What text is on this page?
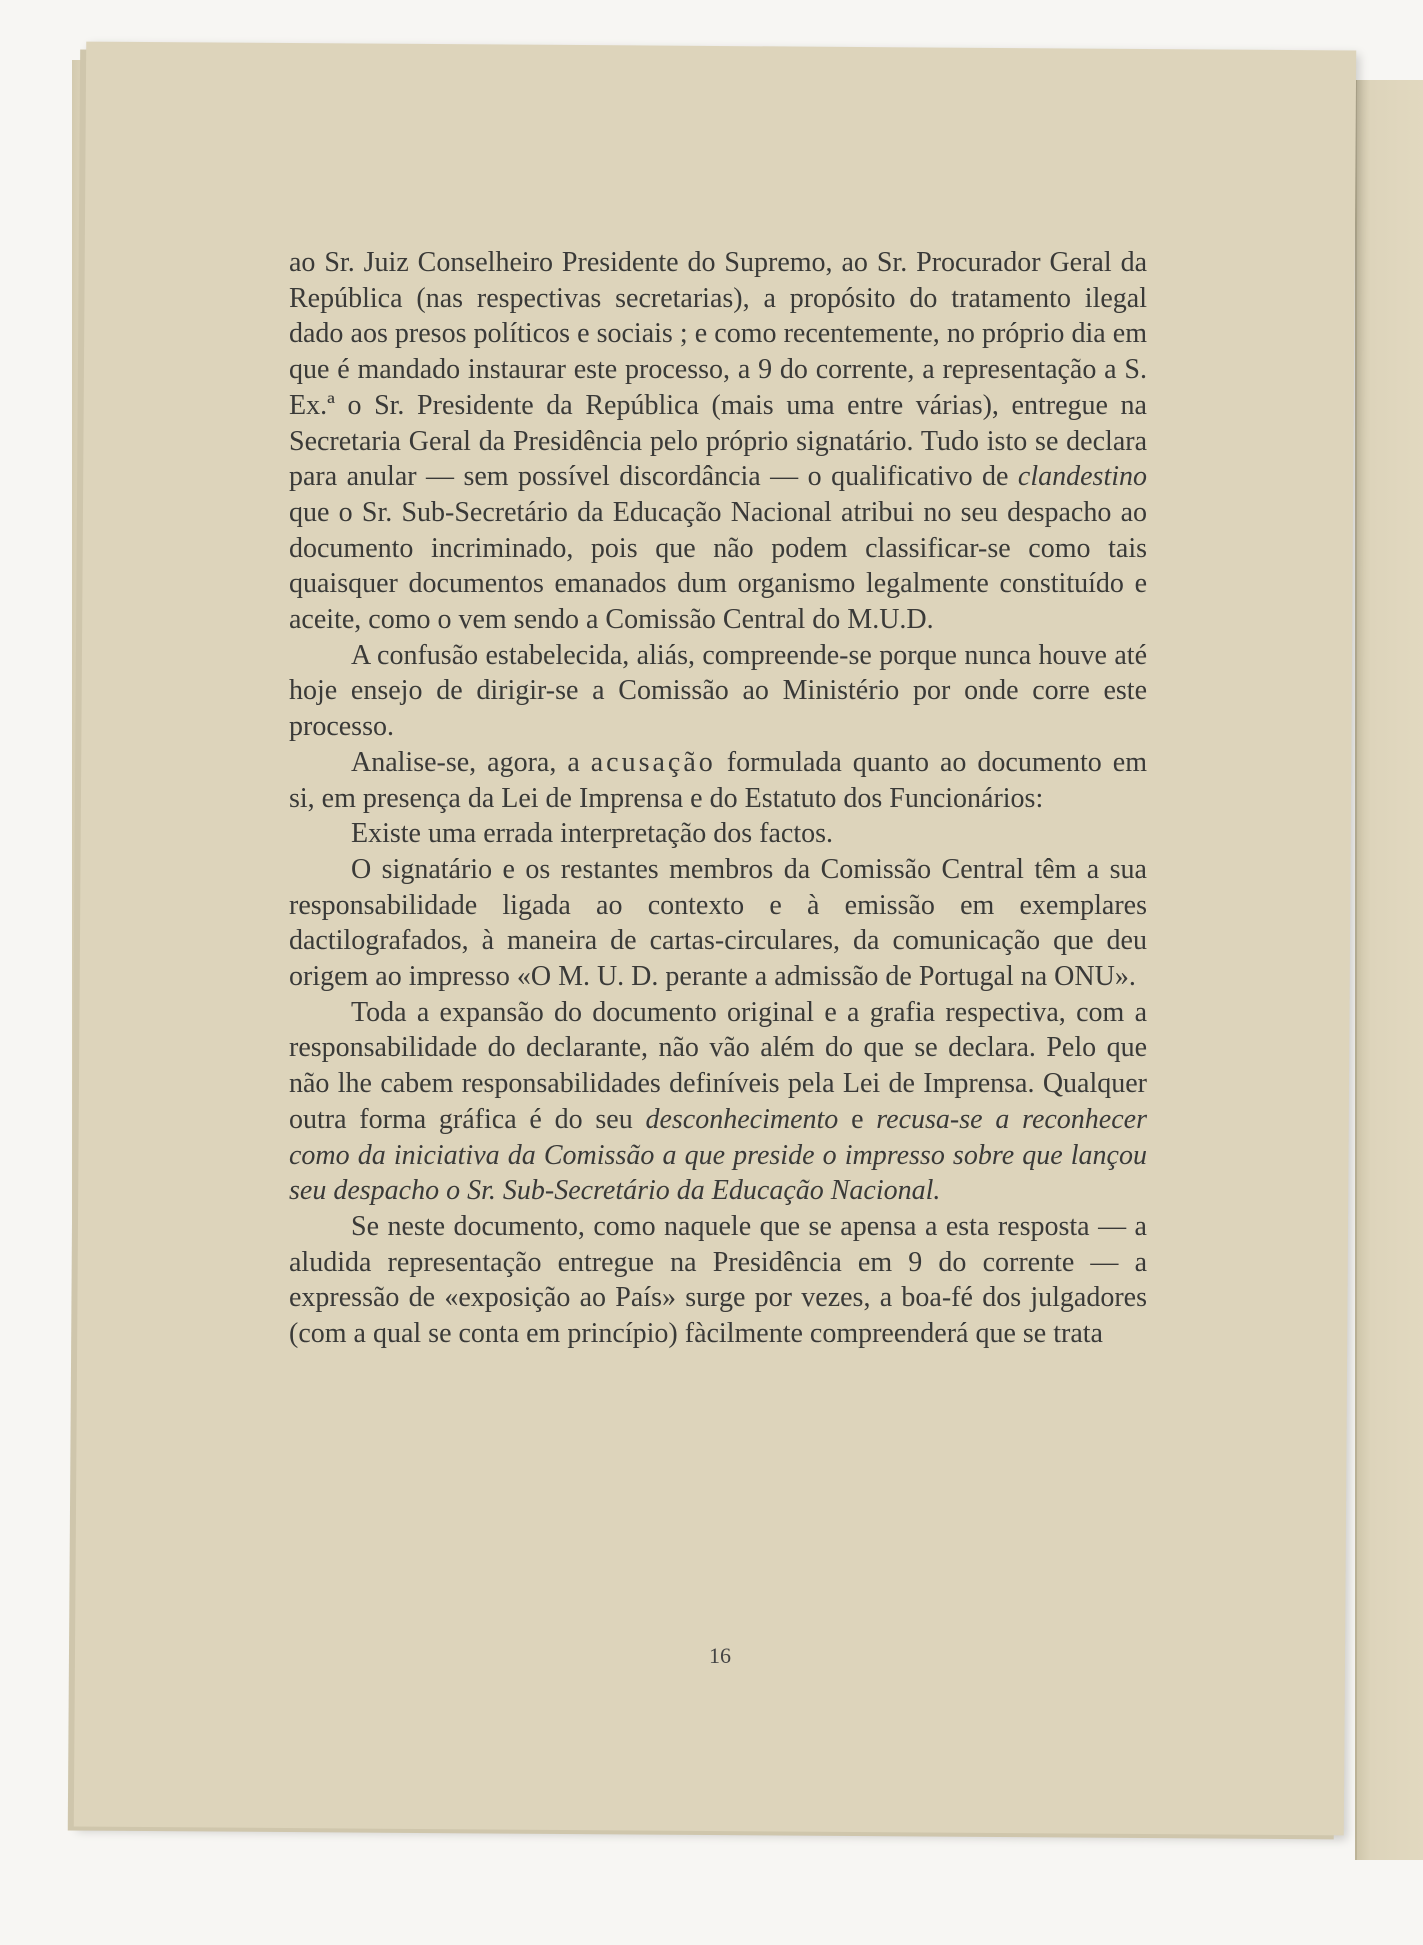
ao Sr. Juiz Conselheiro Presidente do Supremo, ao Sr. Procurador Geral da República (nas respectivas secretarias), a propósito do tratamento ilegal dado aos presos políticos e sociais ; e como recentemente, no próprio dia em que é mandado instaurar este processo, a 9 do corrente, a representação a S. Ex.ª o Sr. Presidente da República (mais uma entre várias), entregue na Secretaria Geral da Presidência pelo próprio signatário. Tudo isto se declara para anular — sem possível discordância — o qualificativo de clandestino que o Sr. Sub-Secretário da Educação Nacional atribui no seu despacho ao documento incriminado, pois que não podem classificar-se como tais quaisquer documentos emanados dum organismo legalmente constituído e aceite, como o vem sendo a Comissão Central do M.U.D.

A confusão estabelecida, aliás, compreende-se porque nunca houve até hoje ensejo de dirigir-se a Comissão ao Ministério por onde corre este processo.

Analise-se, agora, a acusação formulada quanto ao documento em si, em presença da Lei de Imprensa e do Estatuto dos Funcionários:

Existe uma errada interpretação dos factos.

O signatário e os restantes membros da Comissão Central têm a sua responsabilidade ligada ao contexto e à emissão em exemplares dactilografados, à maneira de cartas-circulares, da comunicação que deu origem ao impresso «O M. U. D. perante a admissão de Portugal na ONU».

Toda a expansão do documento original e a grafia respectiva, com a responsabilidade do declarante, não vão além do que se declara. Pelo que não lhe cabem responsabilidades definíveis pela Lei de Imprensa. Qualquer outra forma gráfica é do seu desconhecimento e recusa-se a reconhecer como da iniciativa da Comissão a que preside o impresso sobre que lançou seu despacho o Sr. Sub-Secretário da Educação Nacional.

Se neste documento, como naquele que se apensa a esta resposta — a aludida representação entregue na Presidência em 9 do corrente — a expressão de «exposição ao País» surge por vezes, a boa-fé dos julgadores (com a qual se conta em princípio) fàcilmente compreenderá que se trata

16
